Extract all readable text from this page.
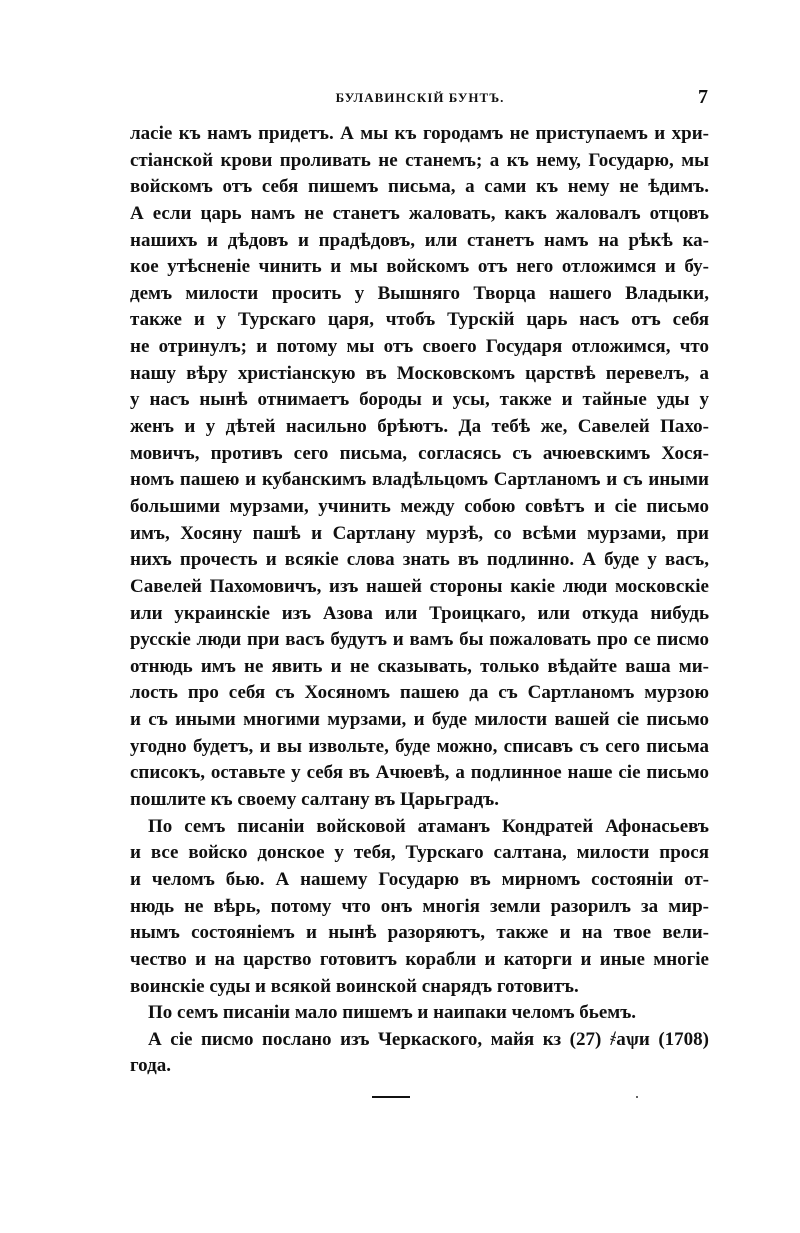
БУЛАВИНСКІЙ БУНТЪ.	7
ласіе къ намъ придетъ. А мы къ городамъ не приступаемъ и хри-
стіанской крови проливать не станемъ; а къ нему, Государю, мы
войскомъ отъ себя пишемъ письма, а сами къ нему не ѣдимъ.
А если царь намъ не станетъ жаловать, какъ жаловалъ отцовъ
нашихъ и дѣдовъ и прадѣдовъ, или станетъ намъ на рѣкѣ ка-
кое утѣсненіе чинить и мы войскомъ отъ него отложимся и бу-
демъ милости просить у Вышняго Творца нашего Владыки,
также и у Турскаго царя, чтобъ Турскій царь насъ отъ себя
не отринулъ; и потому мы отъ своего Государя отложимся, что
нашу вѣру христіанскую въ Московскомъ царствѣ перевелъ, а
у насъ нынѣ отнимаетъ бороды и усы, также и тайные уды у
женъ и у дѣтей насильно брѣютъ. Да тебѣ же, Савелей Пахо-
мовичъ, противъ сего письма, согласясь съ ачюевскимъ Хося-
номъ пашею и кубанскимъ владѣльцомъ Сартланомъ и съ иными
большими мурзами, учинить между собою совѣтъ и сіе письмо
имъ, Хосяну пашѣ и Сартлану мурзѣ, со всѣми мурзами, при
нихъ прочесть и всякіе слова знать въ подлинно. А буде у васъ,
Савелей Пахомовичъ, изъ нашей стороны какіе люди московскіе
или украинскіе изъ Азова или Троицкаго, или откуда нибудь
русскіе люди при васъ будутъ и вамъ бы пожаловать про се писмо
отнюдь имъ не явить и не сказывать, только вѣдайте ваша ми-
лость про себя съ Хосяномъ пашею да съ Сартланомъ мурзою
и съ иными многими мурзами, и буде милости вашей сіе письмо
угодно будетъ, и вы извольте, буде можно, списавъ съ сего письма
списокъ, оставьте у себя въ Ачюевѣ, а подлинное наше сіе письмо
пошлите къ своему салтану въ Царьградъ.
По семъ писаніи войсковой атаманъ Кондратей Афонасьевъ
и все войско донское у тебя, Турскаго салтана, милости прося
и челомъ бью. А нашему Государю въ мирномъ состояніи от-
нюдь не вѣрь, потому что онъ многія земли разорилъ за мир-
нымъ состояніемъ и нынѣ разоряютъ, также и на твое вели-
чество и на царство готовитъ корабли и каторги и иные многіе
воинскіе суды и всякой воинской снарядъ готовитъ.
По семъ писаніи мало пишемъ и наипаки челомъ бьемъ.
А сіе писмо послано изъ Черкаского, майя кз (27) ҂аѱи (1708)
года.
